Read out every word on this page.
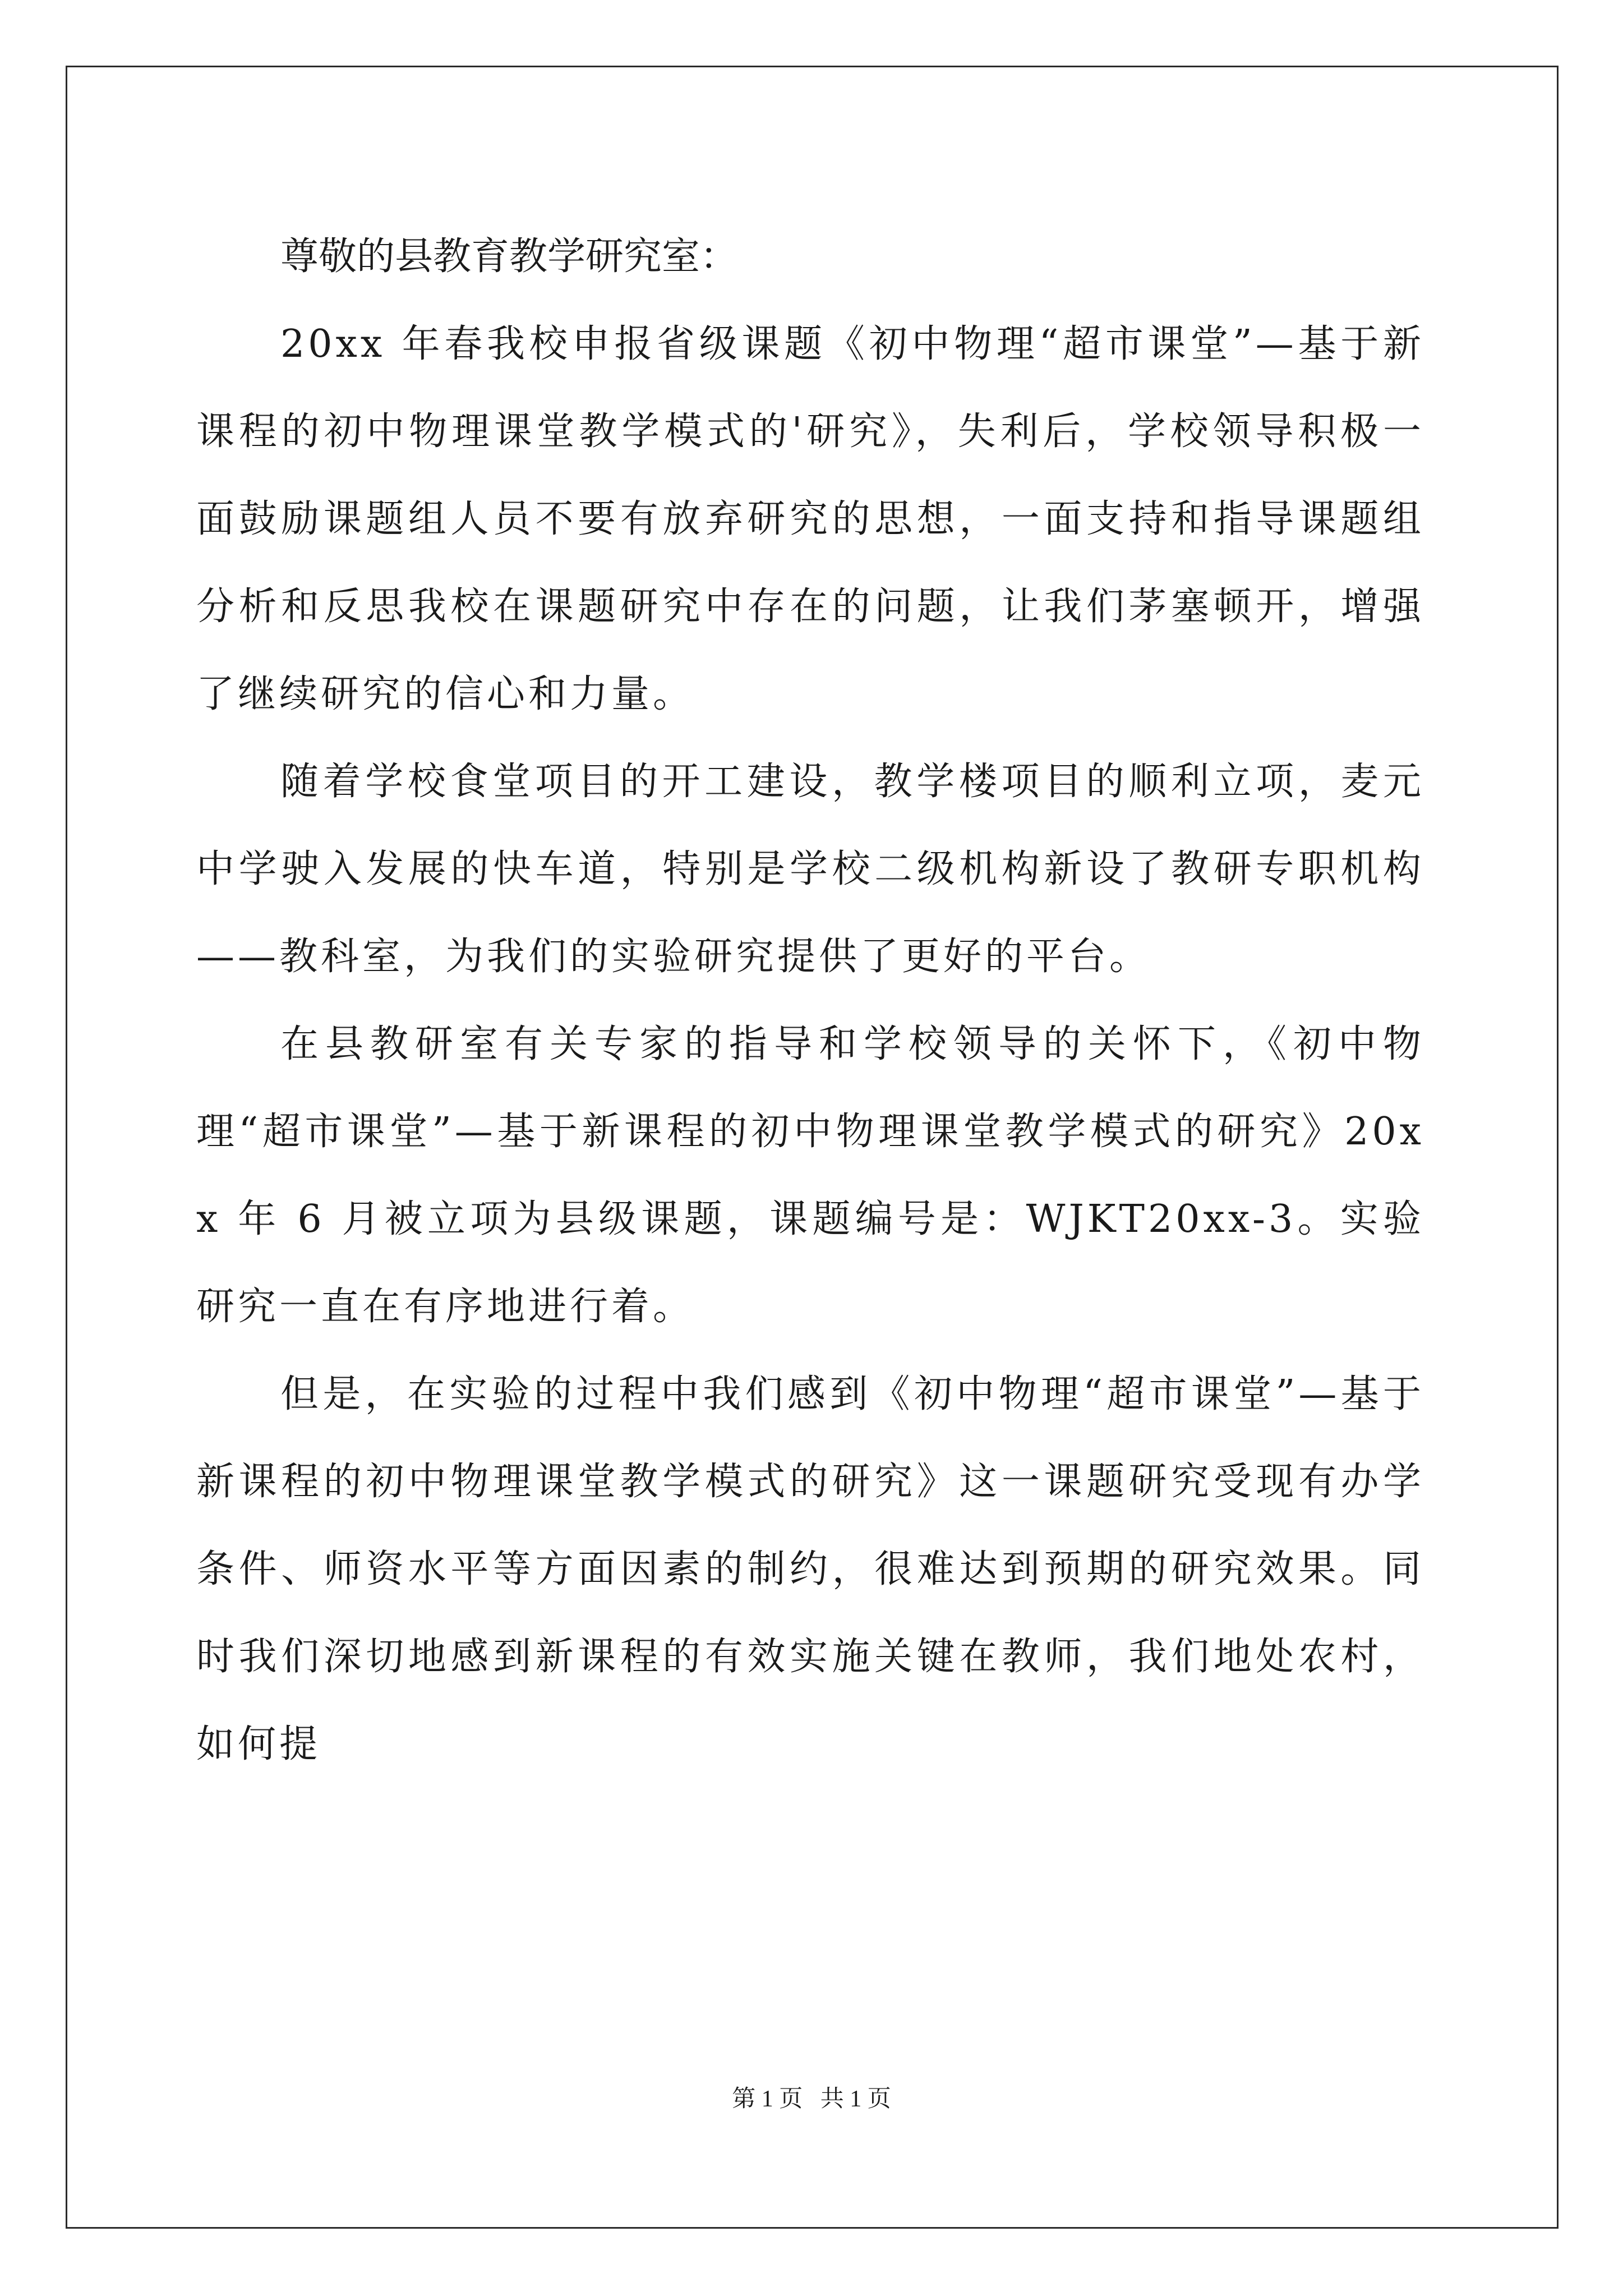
尊敬的县教育教学研究室：

20xx 年春我校申报省级课题《初中物理“超市课堂”—基于新课程的初中物理课堂教学模式的'研究》，失利后，学校领导积极一面鼓励课题组人员不要有放弃研究的思想，一面支持和指导课题组分析和反思我校在课题研究中存在的问题，让我们茅塞顿开，增强了继续研究的信心和力量。

随着学校食堂项目的开工建设，教学楼项目的顺利立项，麦元中学驶入发展的快车道，特别是学校二级机构新设了教研专职机构——教科室，为我们的实验研究提供了更好的平台。

在县教研室有关专家的指导和学校领导的关怀下，《初中物理“超市课堂”—基于新课程的初中物理课堂教学模式的研究》20xx 年 6 月被立项为县级课题，课题编号是：WJKT20xx-3。实验研究一直在有序地进行着。

但是，在实验的过程中我们感到《初中物理“超市课堂”—基于新课程的初中物理课堂教学模式的研究》这一课题研究受现有办学条件、师资水平等方面因素的制约，很难达到预期的研究效果。同时我们深切地感到新课程的有效实施关键在教师，我们地处农村，如何提

第 1 页   共 1 页
